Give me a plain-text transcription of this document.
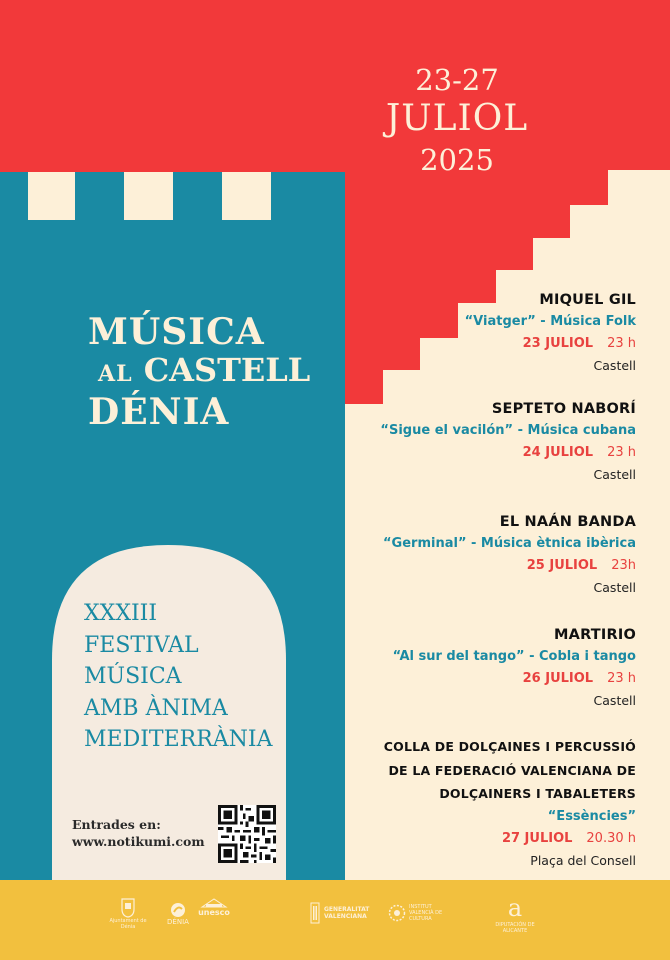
23-27
JULIOL
2025
MÚSICA
AL CASTELL
DÉNIA
XXXIII
FESTIVAL
MÚSICA
AMB ÀNIMA
MEDITERRÀNIA
Entrades en:
www.notikumi.com
MIQUEL GIL
“Viatger” - Música Folk
23 JULIOL 23 h
Castell
SEPTETO NABORÍ
“Sigue el vacilón” - Música cubana
24 JULIOL 23 h
Castell
EL NAÁN BANDA
“Germinal” - Música ètnica ibèrica
25 JULIOL 23h
Castell
MARTIRIO
“Al sur del tango” - Cobla i tango
26 JULIOL 23 h
Castell
COLLA DE DOLÇAINES I PERCUSSIÓ
DE LA FEDERACIÓ VALENCIANA DE
DOLÇAINERS I TABALETERS
“Essències”
27 JULIOL 20.30 h
Plaça del Consell
Ajuntament de Dénia
DÉNIA
unesco	GENERALITAT VALENCIANA
INSTITUT VALENCIÀ DE CULTURA	a
DIPUTACIÓN DE ALICANTE
